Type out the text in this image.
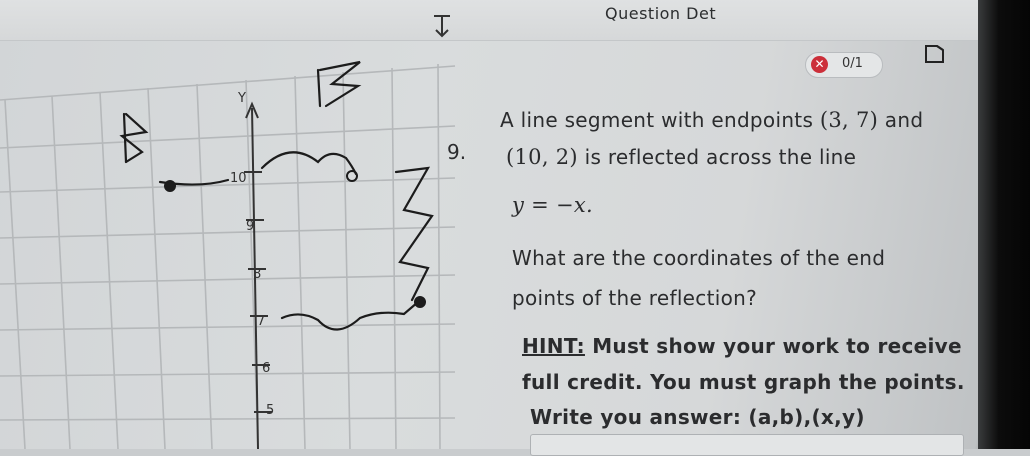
Question Det
✕ 0/1
Y
10
9
8
7
6
5
B
B	9.
A line segment with endpoints (3, 7) and
(10, 2) is reflected across the line
y = −x.
What are the coordinates of the end
points of the reflection?
HINT: Must show your work to receive
full credit. You must graph the points.
Write you answer: (a,b),(x,y)
